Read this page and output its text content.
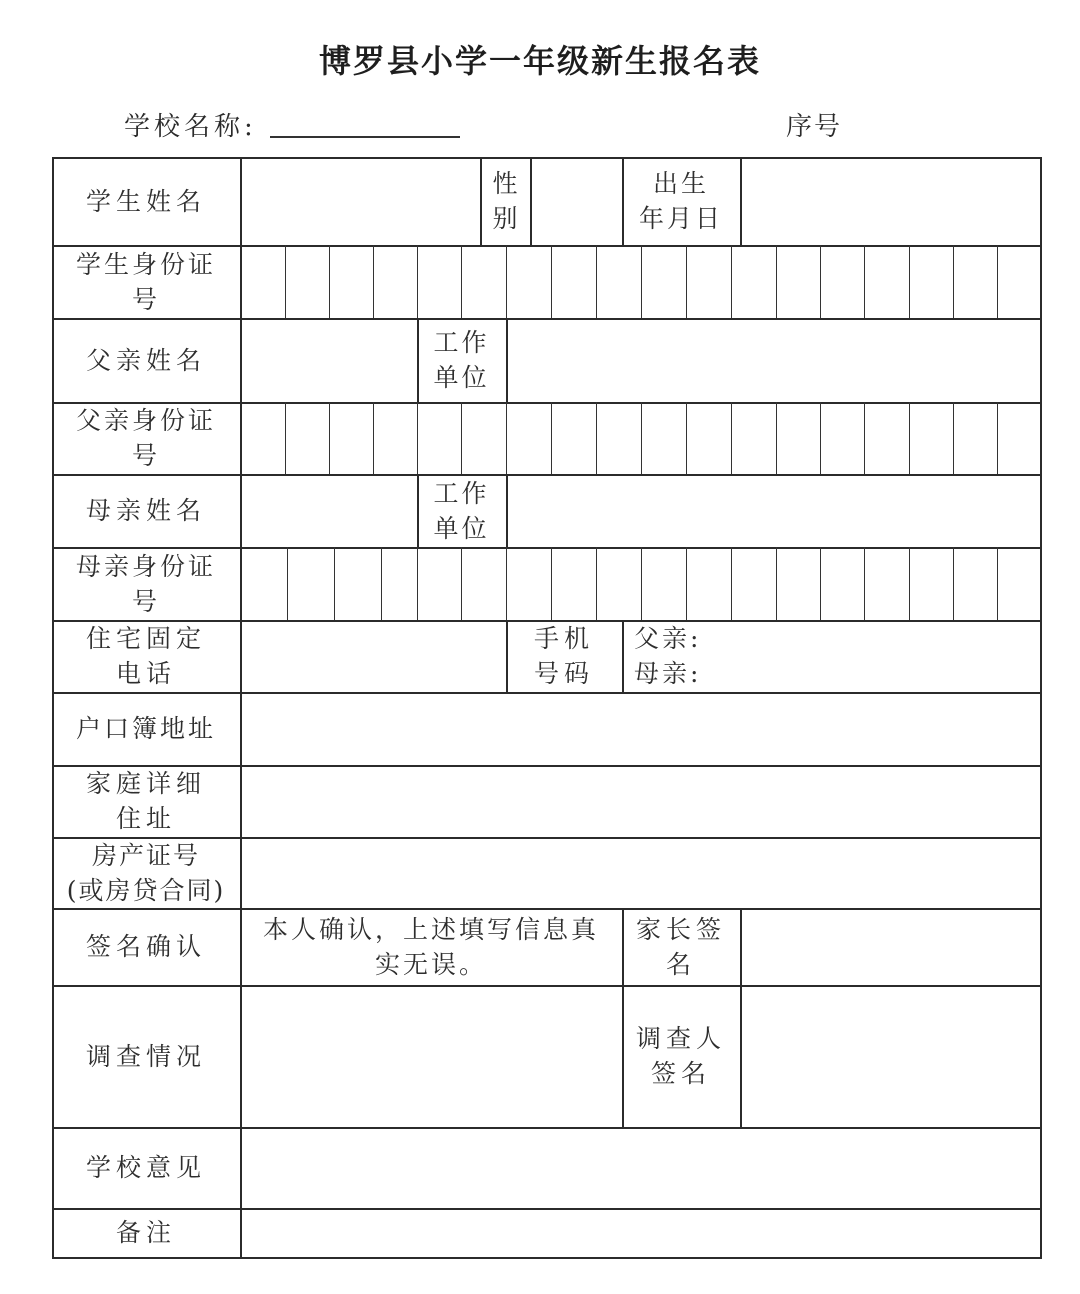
博罗县小学一年级新生报名表
学校名称:	序号
学生姓名
性
别
出生
年月日
学生身份证
号
父亲姓名
工作
单位
父亲身份证
号
母亲姓名
工作
单位
母亲身份证
号
住宅固定
电话
手机
号码
父亲:
母亲:
户口簿地址
家庭详细
住址
房产证号
(或房贷合同)
签名确认
本人确认，上述填写信息真
实无误。
家长签
名
调查情况
调查人
签名
学校意见
备注
